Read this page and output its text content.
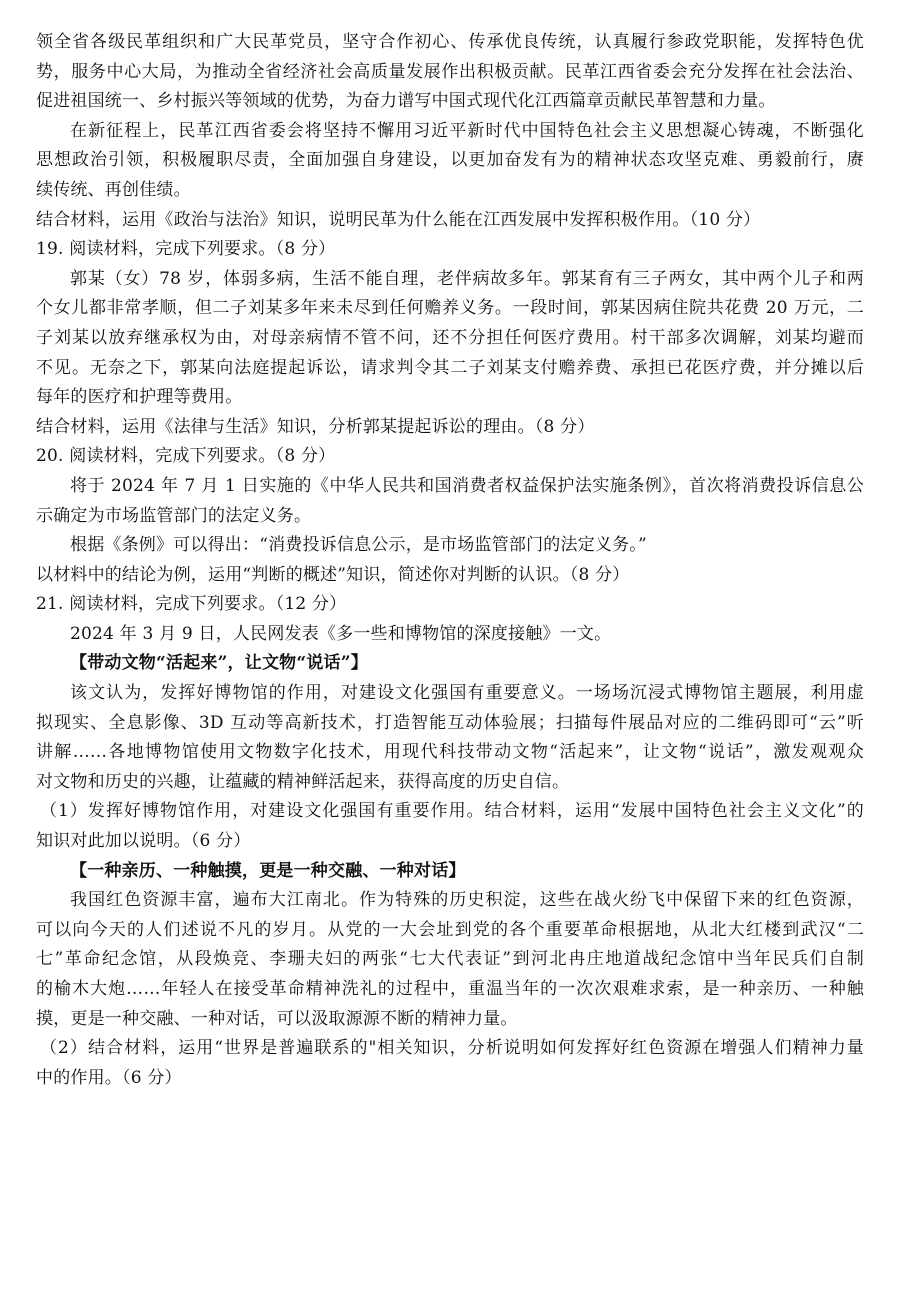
领全省各级民革组织和广大民革党员，坚守合作初心、传承优良传统，认真履行参政党职能，发挥特色优
势，服务中心大局，为推动全省经济社会高质量发展作出积极贡献。民革江西省委会充分发挥在社会法治、
促进祖国统一、乡村振兴等领域的优势，为奋力谱写中国式现代化江西篇章贡献民革智慧和力量。
在新征程上，民革江西省委会将坚持不懈用习近平新时代中国特色社会主义思想凝心铸魂，不断强化
思想政治引领，积极履职尽责，全面加强自身建设，以更加奋发有为的精神状态攻坚克难、勇毅前行，赓
续传统、再创佳绩。
结合材料，运用《政治与法治》知识，说明民革为什么能在江西发展中发挥积极作用。（10 分）
19. 阅读材料，完成下列要求。（8 分）
郭某（女）78 岁，体弱多病，生活不能自理，老伴病故多年。郭某育有三子两女，其中两个儿子和两
个女儿都非常孝顺，但二子刘某多年来未尽到任何赡养义务。一段时间，郭某因病住院共花费 20 万元，二
子刘某以放弃继承权为由，对母亲病情不管不问，还不分担任何医疗费用。村干部多次调解，刘某均避而
不见。无奈之下，郭某向法庭提起诉讼，请求判令其二子刘某支付赡养费、承担已花医疗费，并分摊以后
每年的医疗和护理等费用。
结合材料，运用《法律与生活》知识，分析郭某提起诉讼的理由。（8 分）
20. 阅读材料，完成下列要求。（8 分）
将于 2024 年 7 月 1 日实施的《中华人民共和国消费者权益保护法实施条例》，首次将消费投诉信息公
示确定为市场监管部门的法定义务。
根据《条例》可以得出：“消费投诉信息公示，是市场监管部门的法定义务。”
以材料中的结论为例，运用“判断的概述”知识，简述你对判断的认识。（8 分）
21. 阅读材料，完成下列要求。（12 分）
2024 年 3 月 9 日，人民网发表《多一些和博物馆的深度接触》一文。
【带动文物“活起来”，让文物“说话”】
该文认为，发挥好博物馆的作用，对建设文化强国有重要意义。一场场沉浸式博物馆主题展，利用虚
拟现实、全息影像、3D 互动等高新技术，打造智能互动体验展；扫描每件展品对应的二维码即可“云”听
讲解……各地博物馆使用文物数字化技术，用现代科技带动文物“活起来”，让文物“说话”，激发观观众
对文物和历史的兴趣，让蕴藏的精神鲜活起来，获得高度的历史自信。
（1）发挥好博物馆作用，对建设文化强国有重要作用。结合材料，运用“发展中国特色社会主义文化”的
知识对此加以说明。（6 分）
【一种亲历、一种触摸，更是一种交融、一种对话】
我国红色资源丰富，遍布大江南北。作为特殊的历史积淀，这些在战火纷飞中保留下来的红色资源，
可以向今天的人们述说不凡的岁月。从党的一大会址到党的各个重要革命根据地，从北大红楼到武汉“二
七”革命纪念馆，从段焕竞、李珊夫妇的两张“七大代表证”到河北冉庄地道战纪念馆中当年民兵们自制
的榆木大炮……年轻人在接受革命精神洗礼的过程中，重温当年的一次次艰难求索，是一种亲历、一种触
摸，更是一种交融、一种对话，可以汲取源源不断的精神力量。
（2）结合材料，运用“世界是普遍联系的"相关知识，分析说明如何发挥好红色资源在增强人们精神力量
中的作用。（6 分）
